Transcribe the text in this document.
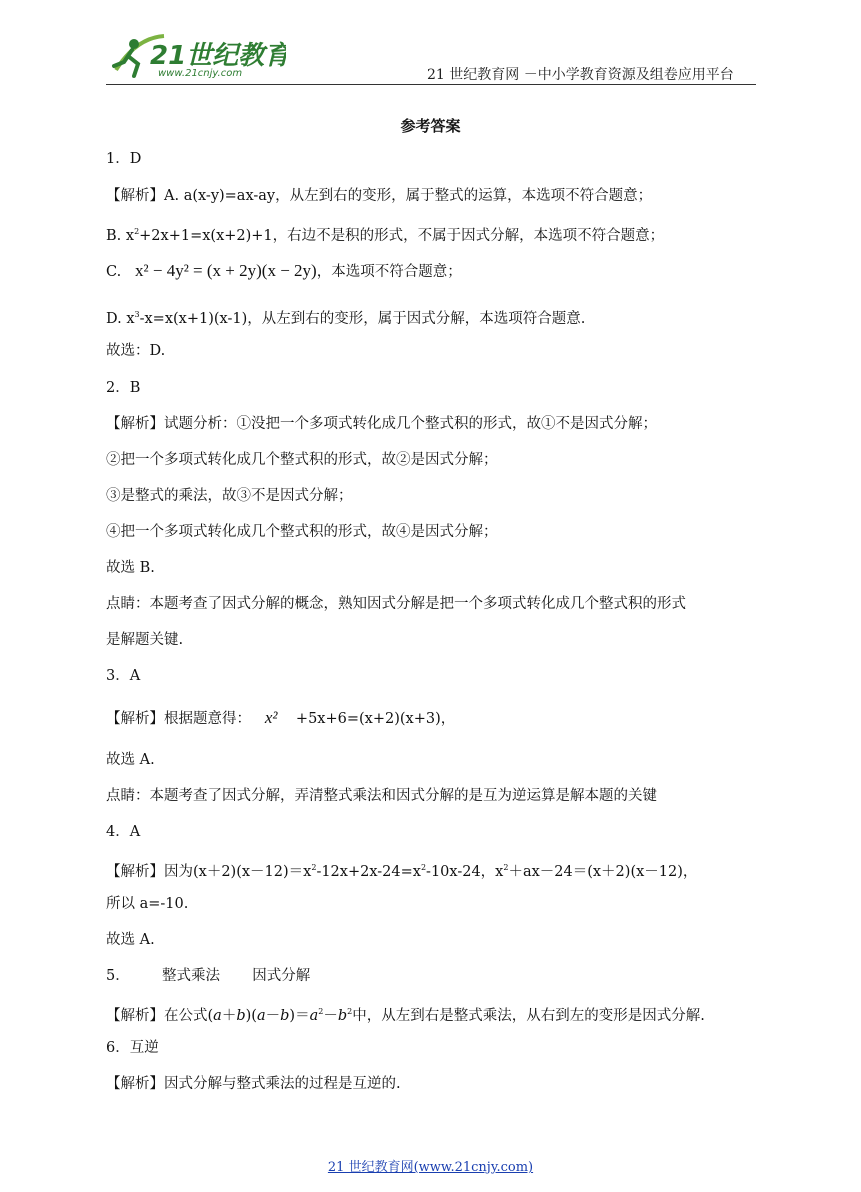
21世纪教育
www.21cnjy.com	21 世纪教育网 －中小学教育资源及组卷应用平台
参考答案
1．D
【解析】A. a(x-y)=ax-ay，从左到右的变形，属于整式的运算，本选项不符合题意；
B. $x^2+2x+1=x(x+2)+1$，右边不是积的形式，不属于因式分解，本选项不符合题意；
C. x² − 4y² = (x + 2y)(x − 2y)，本选项不符合题意；
D. $x^3-x=x(x+1)(x-1)$，从左到右的变形，属于因式分解，本选项符合题意.
故选：D.
2．B
【解析】试题分析：①没把一个多项式转化成几个整式积的形式，故①不是因式分解；
②把一个多项式转化成几个整式积的形式，故②是因式分解；
③是整式的乘法，故③不是因式分解；
④把一个多项式转化成几个整式积的形式，故④是因式分解；
故选 B.
点睛：本题考查了因式分解的概念，熟知因式分解是把一个多项式转化成几个整式积的形式
是解题关键.
3．A
【解析】根据题意得： x² +5x+6=(x+2)(x+3)，
故选 A.
点睛：本题考查了因式分解，弄清整式乘法和因式分解的是互为逆运算是解本题的关键
4．A
【解析】因为$(x+2)(x-12)=x^2-12x+2x-24=x^2-10x-24$，$x^2+ax-24=(x+2)(x-12)$，
所以 a=-10.
故选 A.
5． 整式乘法 因式分解
【解析】在公式$(a+b)(a-b)=a^2-b^2$中，从左到右是整式乘法，从右到左的变形是因式分解.
6．互逆
【解析】因式分解与整式乘法的过程是互逆的.
21 世纪教育网(www.21cnjy.com)
